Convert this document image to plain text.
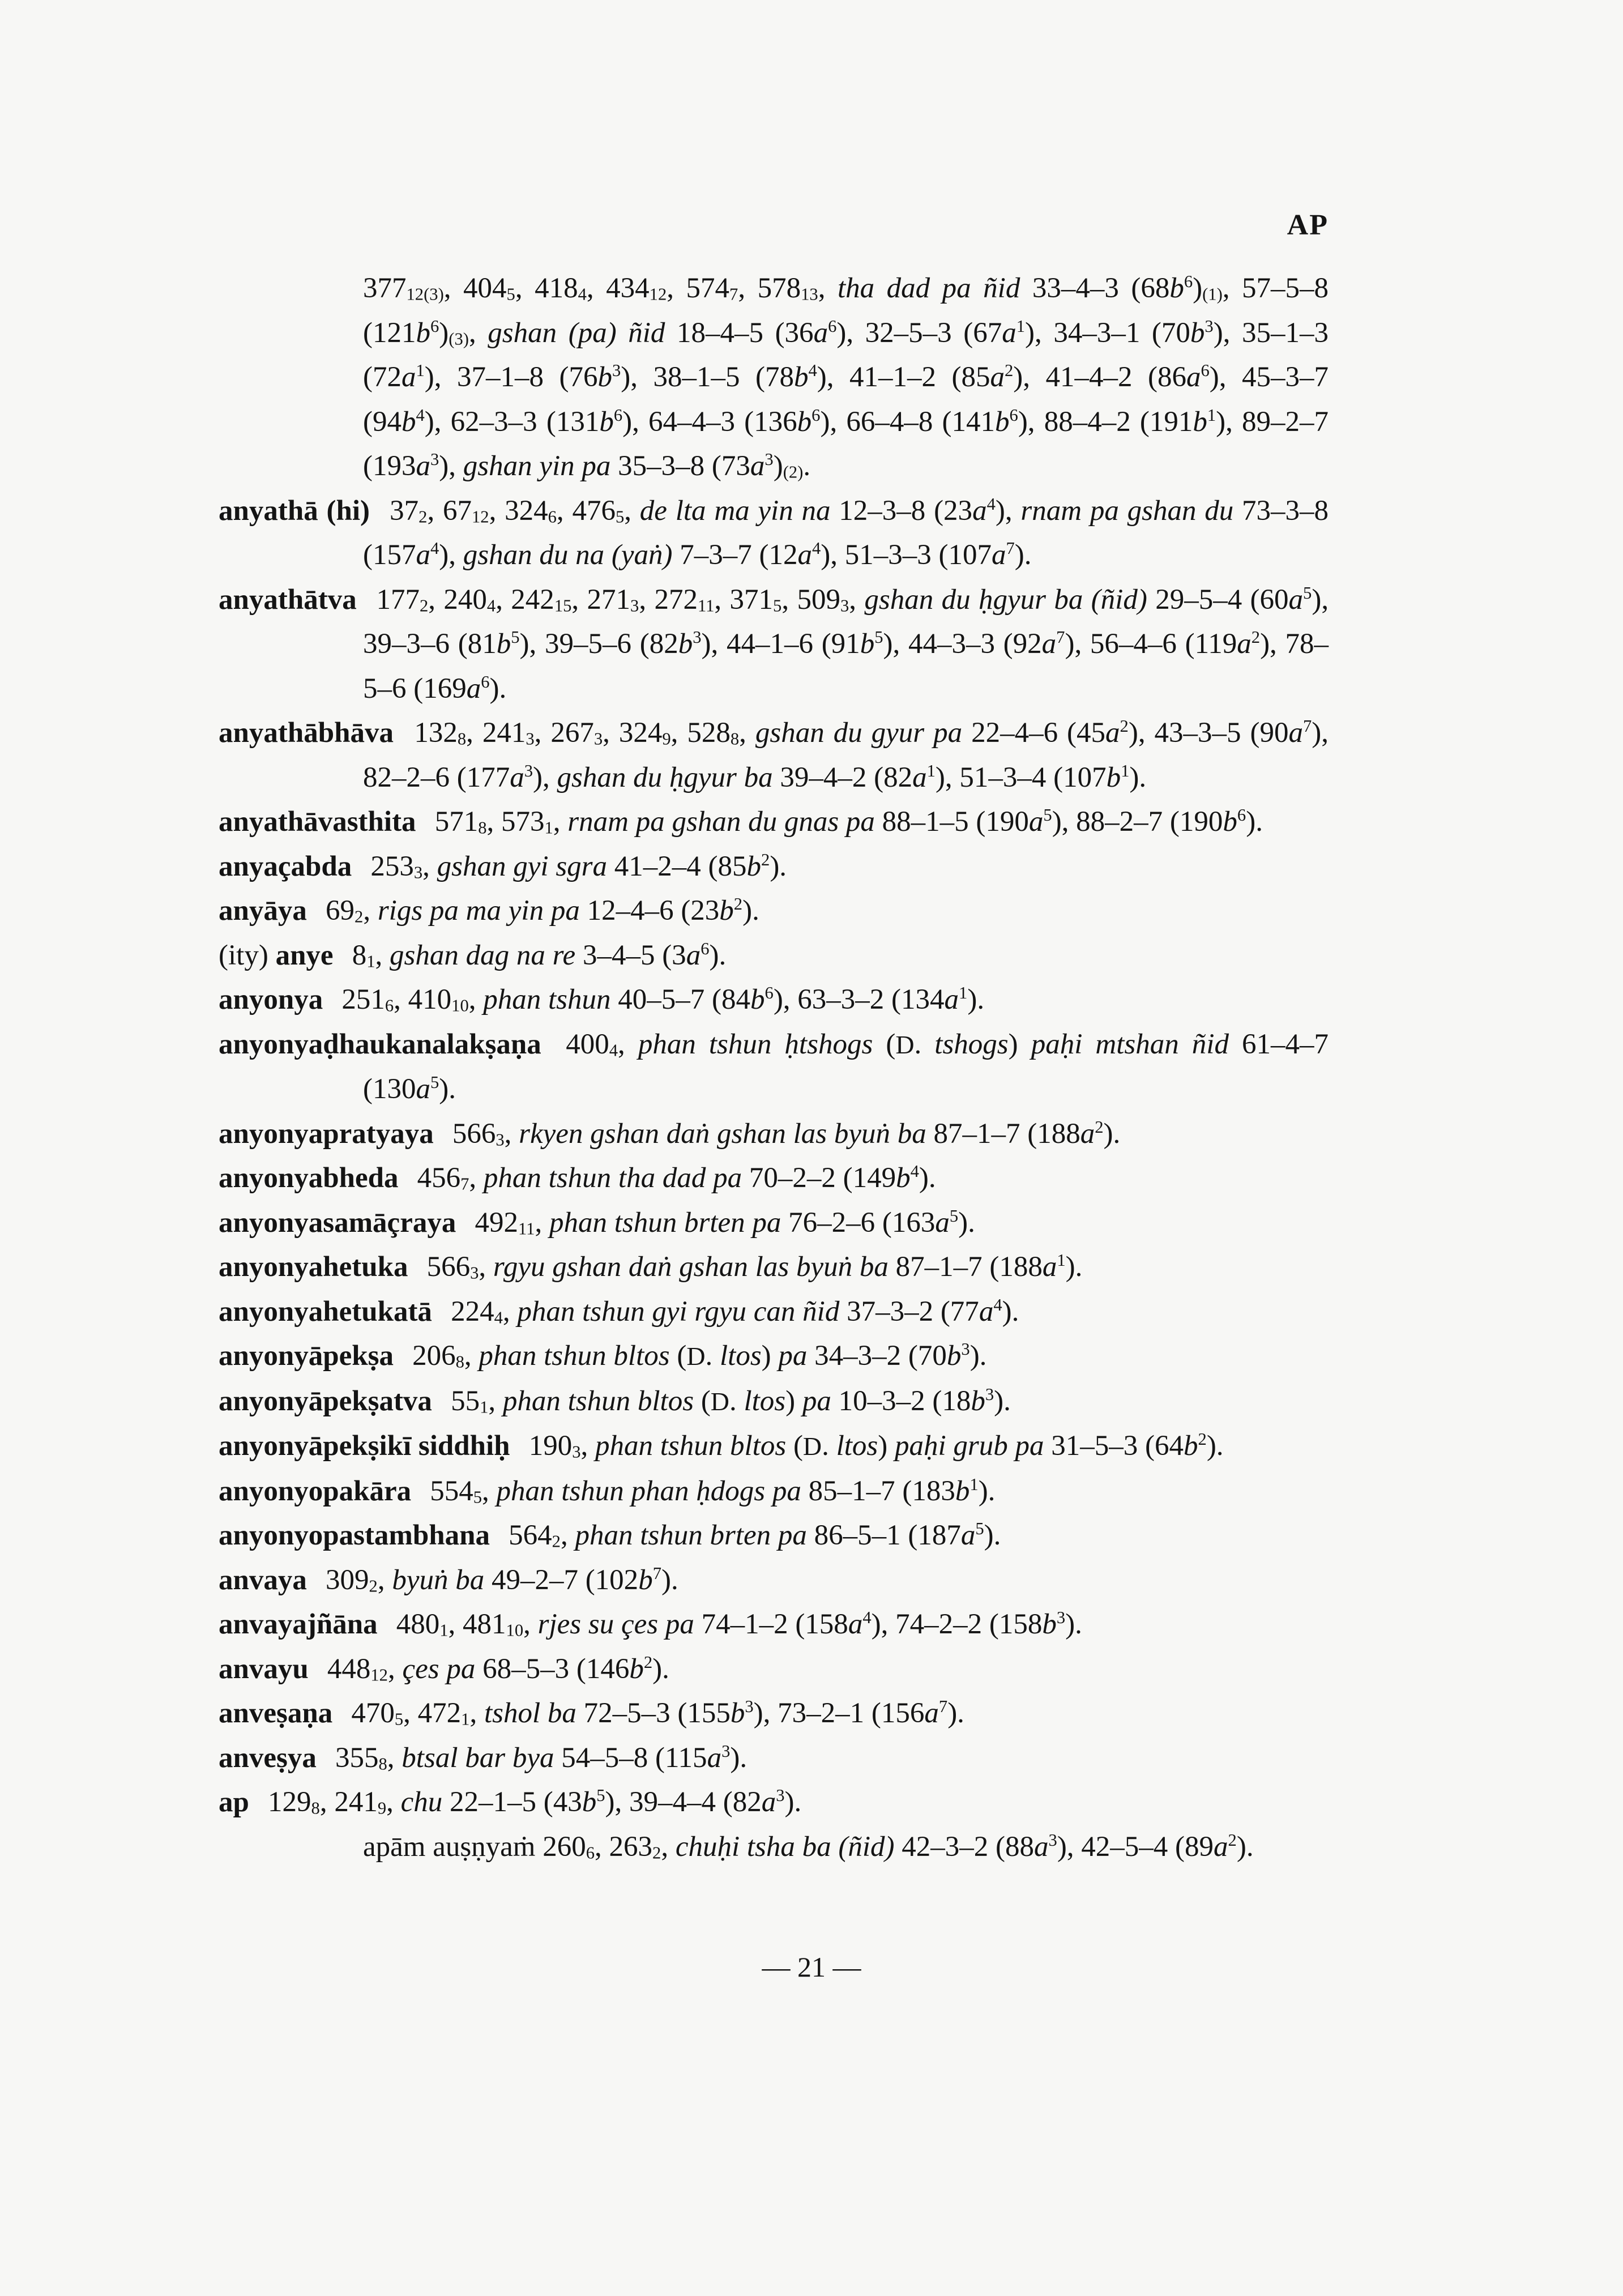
AP

$377_{12(3)}$, $404_5$, $418_4$, $434_{12}$, $574_7$, $578_{13}$, tha dad pa ñid 33–4–3 $(68b^6)_{(1)}$, 57–5–8 $(121b^6)_{(3)}$, gshan (pa) ñid 18–4–5 $(36a^6)$, 32–5–3 $(67a^1)$, 34–3–1 $(70b^3)$, 35–1–3 $(72a^1)$, 37–1–8 $(76b^3)$, 38–1–5 $(78b^4)$, 41–1–2 $(85a^2)$, 41–4–2 $(86a^6)$, 45–3–7 $(94b^4)$, 62–3–3 $(131b^6)$, 64–4–3 $(136b^6)$, 66–4–8 $(141b^6)$, 88–4–2 $(191b^1)$, 89–2–7 $(193a^3)$, gshan yin pa 35–3–8 $(73a^3)_{(2)}$.

anyathā (hi) $37_2$, $67_{12}$, $324_6$, $476_5$, de lta ma yin na 12–3–8 $(23a^4)$, rnam pa gshan du 73–3–8 $(157a^4)$, gshan du na (yaṅ) 7–3–7 $(12a^4)$, 51–3–3 $(107a^7)$.

anyathātva $177_2$, $240_4$, $242_{15}$, $271_3$, $272_{11}$, $371_5$, $509_3$, gshan du ḥgyur ba (ñid) 29–5–4 $(60a^5)$, 39–3–6 $(81b^5)$, 39–5–6 $(82b^3)$, 44–1–6 $(91b^5)$, 44–3–3 $(92a^7)$, 56–4–6 $(119a^2)$, 78–5–6 $(169a^6)$.

anyathābhāva $132_8$, $241_3$, $267_3$, $324_9$, $528_8$, gshan du gyur pa 22–4–6 $(45a^2)$, 43–3–5 $(90a^7)$, 82–2–6 $(177a^3)$, gshan du ḥgyur ba 39–4–2 $(82a^1)$, 51–3–4 $(107b^1)$.

anyathāvasthita $571_8$, $573_1$, rnam pa gshan du gnas pa 88–1–5 $(190a^5)$, 88–2–7 $(190b^6)$.

anyaçabda $253_3$, gshan gyi sgra 41–2–4 $(85b^2)$.

anyāya $69_2$, rigs pa ma yin pa 12–4–6 $(23b^2)$.

(ity) anye $8_1$, gshan dag na re 3–4–5 $(3a^6)$.

anyonya $251_6$, $410_{10}$, phan tshun 40–5–7 $(84b^6)$, 63–3–2 $(134a^1)$.

anyonyaḍhaukanalakṣaṇa $400_4$, phan tshun ḥtshogs (D. tshogs) paḥi mtshan ñid 61–4–7 $(130a^5)$.

anyonyapratyaya $566_3$, rkyen gshan daṅ gshan las byuṅ ba 87–1–7 $(188a^2)$.

anyonyabheda $456_7$, phan tshun tha dad pa 70–2–2 $(149b^4)$.

anyonyasamāçraya $492_{11}$, phan tshun brten pa 76–2–6 $(163a^5)$.

anyonyahetuka $566_3$, rgyu gshan daṅ gshan las byuṅ ba 87–1–7 $(188a^1)$.

anyonyahetukatā $224_4$, phan tshun gyi rgyu can ñid 37–3–2 $(77a^4)$.

anyonyāpekṣa $206_8$, phan tshun bltos (D. ltos) pa 34–3–2 $(70b^3)$.

anyonyāpekṣatva $55_1$, phan tshun bltos (D. ltos) pa 10–3–2 $(18b^3)$.

anyonyāpekṣikī siddhiḥ $190_3$, phan tshun bltos (D. ltos) paḥi grub pa 31–5–3 $(64b^2)$.

anyonyopakāra $554_5$, phan tshun phan ḥdogs pa 85–1–7 $(183b^1)$.

anyonyopastambhana $564_2$, phan tshun brten pa 86–5–1 $(187a^5)$.

anvaya $309_2$, byuṅ ba 49–2–7 $(102b^7)$.

anvayajñāna $480_1$, $481_{10}$, rjes su çes pa 74–1–2 $(158a^4)$, 74–2–2 $(158b^3)$.

anvayu $448_{12}$, çes pa 68–5–3 $(146b^2)$.

anveṣaṇa $470_5$, $472_1$, tshol ba 72–5–3 $(155b^3)$, 73–2–1 $(156a^7)$.

anveṣya $355_8$, btsal bar bya 54–5–8 $(115a^3)$.

ap $129_8$, $241_9$, chu 22–1–5 $(43b^5)$, 39–4–4 $(82a^3)$.

apām auṣṇyaṁ $260_6$, $263_2$, chuḥi tsha ba (ñid) 42–3–2 $(88a^3)$, 42–5–4 $(89a^2)$.

— 21 —
